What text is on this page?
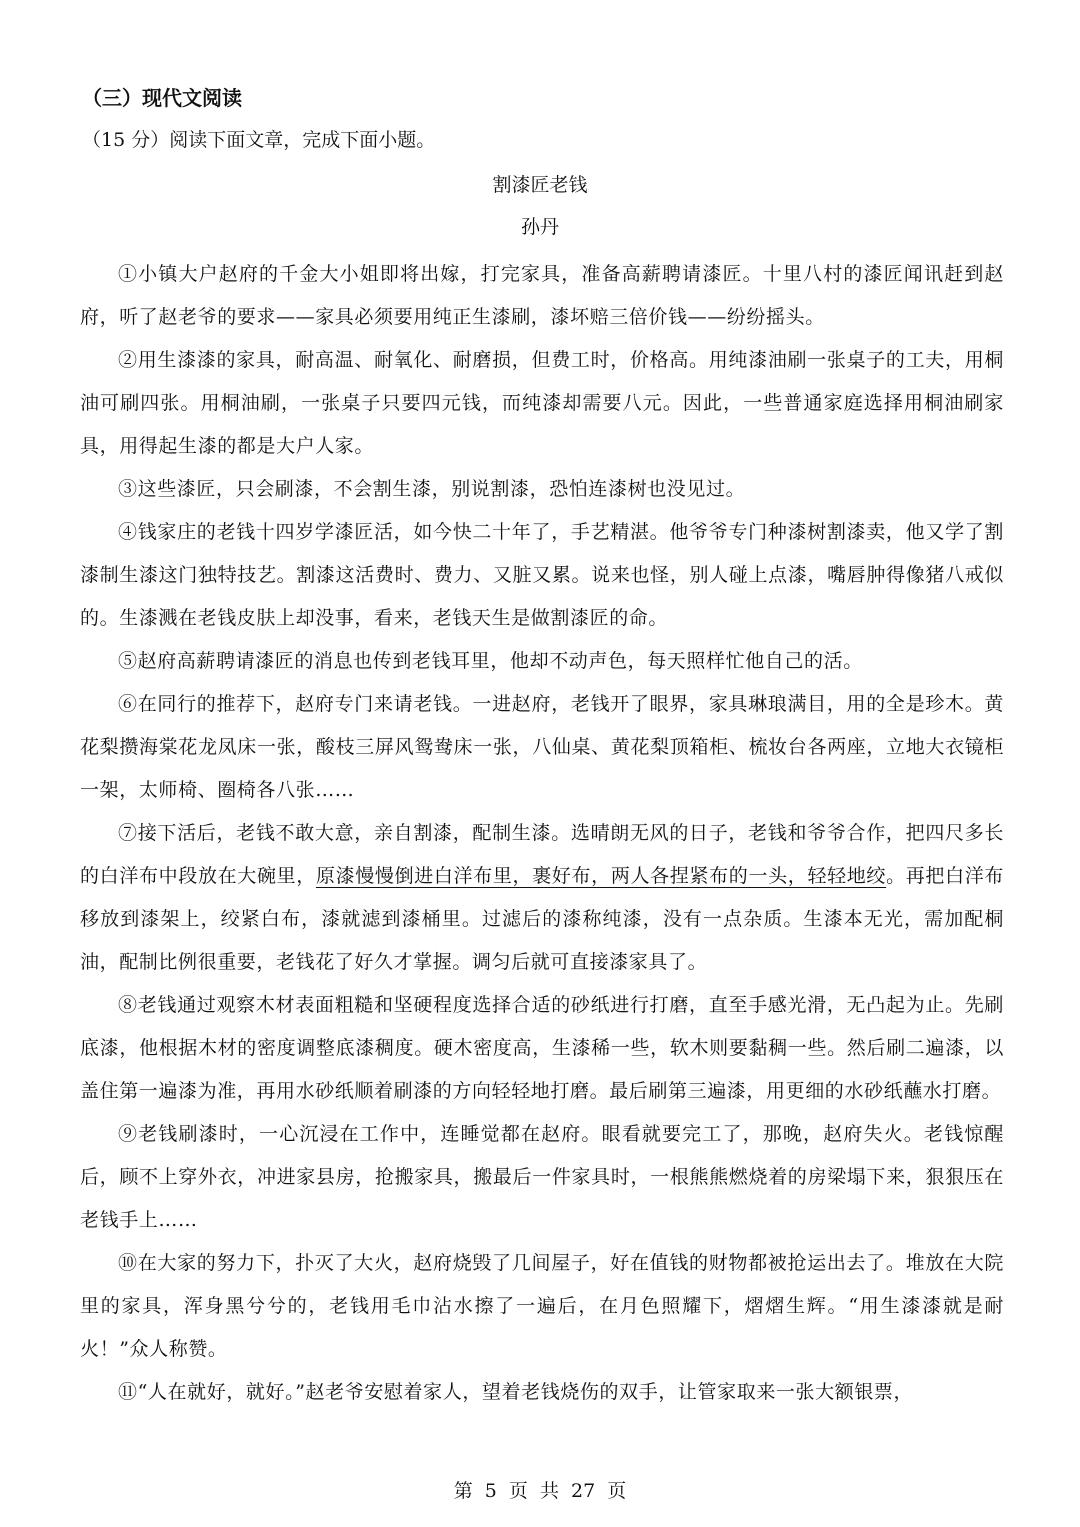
（三）现代文阅读
（15 分）阅读下面文章，完成下面小题。
割漆匠老钱
孙丹

①小镇大户赵府的千金大小姐即将出嫁，打完家具，准备高薪聘请漆匠。十里八村的漆匠闻讯赶到赵府，听了赵老爷的要求——家具必须要用纯正生漆刷，漆坏赔三倍价钱——纷纷摇头。

②用生漆漆的家具，耐高温、耐氧化、耐磨损，但费工时，价格高。用纯漆油刷一张桌子的工夫，用桐油可刷四张。用桐油刷，一张桌子只要四元钱，而纯漆却需要八元。因此，一些普通家庭选择用桐油刷家具，用得起生漆的都是大户人家。

③这些漆匠，只会刷漆，不会割生漆，别说割漆，恐怕连漆树也没见过。

④钱家庄的老钱十四岁学漆匠活，如今快二十年了，手艺精湛。他爷爷专门种漆树割漆卖，他又学了割漆制生漆这门独特技艺。割漆这活费时、费力、又脏又累。说来也怪，别人碰上点漆，嘴唇肿得像猪八戒似的。生漆溅在老钱皮肤上却没事，看来，老钱天生是做割漆匠的命。

⑤赵府高薪聘请漆匠的消息也传到老钱耳里，他却不动声色，每天照样忙他自己的活。

⑥在同行的推荐下，赵府专门来请老钱。一进赵府，老钱开了眼界，家具琳琅满目，用的全是珍木。黄花梨攒海棠花龙凤床一张，酸枝三屏风鸳鸯床一张，八仙桌、黄花梨顶箱柜、梳妆台各两座，立地大衣镜柜一架，太师椅、圈椅各八张……

⑦接下活后，老钱不敢大意，亲自割漆，配制生漆。选晴朗无风的日子，老钱和爷爷合作，把四尺多长的白洋布中段放在大碗里，原漆慢慢倒进白洋布里，裹好布，两人各捏紧布的一头，轻轻地绞。再把白洋布移放到漆架上，绞紧白布，漆就滤到漆桶里。过滤后的漆称纯漆，没有一点杂质。生漆本无光，需加配桐油，配制比例很重要，老钱花了好久才掌握。调匀后就可直接漆家具了。

⑧老钱通过观察木材表面粗糙和坚硬程度选择合适的砂纸进行打磨，直至手感光滑，无凸起为止。先刷底漆，他根据木材的密度调整底漆稠度。硬木密度高，生漆稀一些，软木则要黏稠一些。然后刷二遍漆，以盖住第一遍漆为准，再用水砂纸顺着刷漆的方向轻轻地打磨。最后刷第三遍漆，用更细的水砂纸蘸水打磨。

⑨老钱刷漆时，一心沉浸在工作中，连睡觉都在赵府。眼看就要完工了，那晚，赵府失火。老钱惊醒后，顾不上穿外衣，冲进家县房，抢搬家具，搬最后一件家具时，一根熊熊燃烧着的房梁塌下来，狠狠压在老钱手上……

⑩在大家的努力下，扑灭了大火，赵府烧毁了几间屋子，好在值钱的财物都被抢运出去了。堆放在大院里的家具，浑身黑兮兮的，老钱用毛巾沾水擦了一遍后，在月色照耀下，熠熠生辉。“用生漆漆就是耐火！”众人称赞。

⑪“人在就好，就好。”赵老爷安慰着家人，望着老钱烧伤的双手，让管家取来一张大额银票，

第 5 页 共 27 页
